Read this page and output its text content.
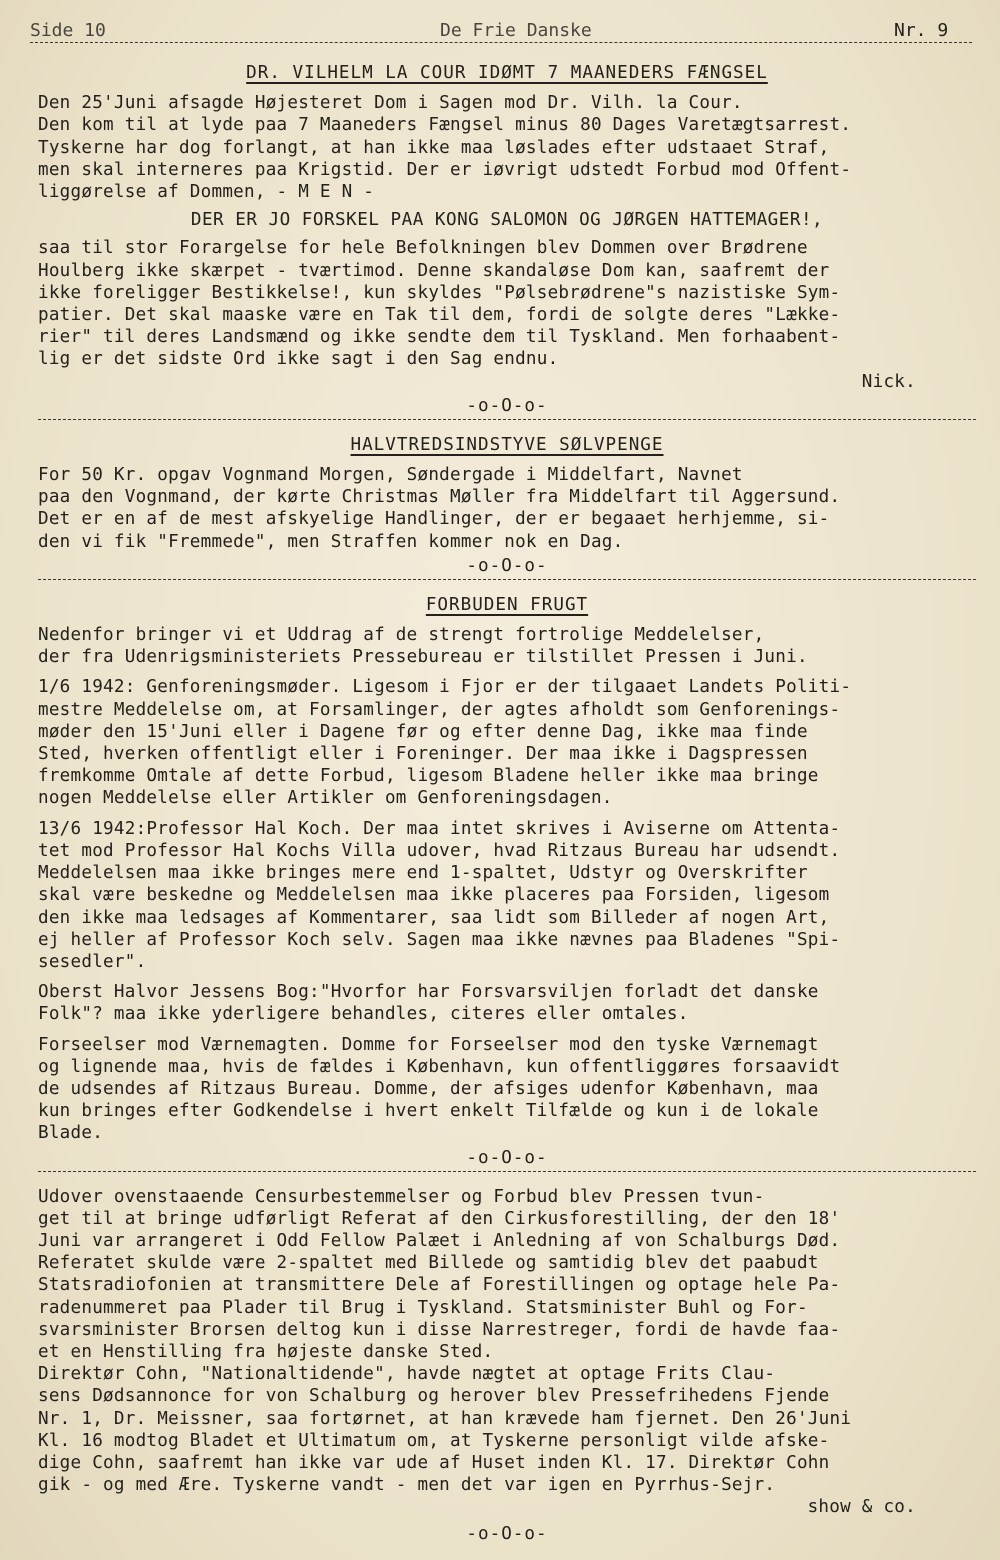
Side 10	De Frie Danske	Nr. 9
DR. VILHELM LA COUR IDØMT 7 MAANEDERS FÆNGSEL

Den 25'Juni afsagde Højesteret Dom i Sagen mod Dr. Vilh. la Cour.
Den kom til at lyde paa 7 Maaneders Fængsel minus 80 Dages Varetægtsarrest.
Tyskerne har dog forlangt, at han ikke maa løslades efter udstaaet Straf,
men skal interneres paa Krigstid. Der er iøvrigt udstedt Forbud mod Offent-
liggørelse af Dommen, - M E N -

DER ER JO FORSKEL PAA KONG SALOMON OG JØRGEN HATTEMAGER!,

saa til stor Forargelse for hele Befolkningen blev Dommen over Brødrene
Houlberg ikke skærpet - tværtimod. Denne skandaløse Dom kan, saafremt der
ikke foreligger Bestikkelse!, kun skyldes "Pølsebrødrene"s nazistiske Sym-
patier. Det skal maaske være en Tak til dem, fordi de solgte deres "Lække-
rier" til deres Landsmænd og ikke sendte dem til Tyskland. Men forhaabent-
lig er det sidste Ord ikke sagt i den Sag endnu.

Nick.
-o-O-o-
HALVTREDSINDSTYVE SØLVPENGE

For 50 Kr. opgav Vognmand Morgen, Søndergade i Middelfart, Navnet
paa den Vognmand, der kørte Christmas Møller fra Middelfart til Aggersund.
Det er en af de mest afskyelige Handlinger, der er begaaet herhjemme, si-
den vi fik "Fremmede", men Straffen kommer nok en Dag.

-o-O-o-
FORBUDEN FRUGT

Nedenfor bringer vi et Uddrag af de strengt fortrolige Meddelelser,
der fra Udenrigsministeriets Pressebureau er tilstillet Pressen i Juni.

1/6 1942: Genforeningsmøder. Ligesom i Fjor er der tilgaaet Landets Politi-
mestre Meddelelse om, at Forsamlinger, der agtes afholdt som Genforenings-
møder den 15'Juni eller i Dagene før og efter denne Dag, ikke maa finde
Sted, hverken offentligt eller i Foreninger. Der maa ikke i Dagspressen
fremkomme Omtale af dette Forbud, ligesom Bladene heller ikke maa bringe
nogen Meddelelse eller Artikler om Genforeningsdagen.

13/6 1942:Professor Hal Koch. Der maa intet skrives i Aviserne om Attenta-
tet mod Professor Hal Kochs Villa udover, hvad Ritzaus Bureau har udsendt.
Meddelelsen maa ikke bringes mere end 1-spaltet, Udstyr og Overskrifter
skal være beskedne og Meddelelsen maa ikke placeres paa Forsiden, ligesom
den ikke maa ledsages af Kommentarer, saa lidt som Billeder af nogen Art,
ej heller af Professor Koch selv. Sagen maa ikke nævnes paa Bladenes "Spi-
sesedler".

Oberst Halvor Jessens Bog:"Hvorfor har Forsvarsviljen forladt det danske
Folk"? maa ikke yderligere behandles, citeres eller omtales.

Forseelser mod Værnemagten. Domme for Forseelser mod den tyske Værnemagt
og lignende maa, hvis de fældes i København, kun offentliggøres forsaavidt
de udsendes af Ritzaus Bureau. Domme, der afsiges udenfor København, maa
kun bringes efter Godkendelse i hvert enkelt Tilfælde og kun i de lokale
Blade.

-o-O-o-

Udover ovenstaaende Censurbestemmelser og Forbud blev Pressen tvun-
get til at bringe udførligt Referat af den Cirkusforestilling, der den 18'
Juni var arrangeret i Odd Fellow Palæet i Anledning af von Schalburgs Død.
Referatet skulde være 2-spaltet med Billede og samtidig blev det paabudt
Statsradiofonien at transmittere Dele af Forestillingen og optage hele Pa-
radenummeret paa Plader til Brug i Tyskland. Statsminister Buhl og For-
svarsminister Brorsen deltog kun i disse Narrestreger, fordi de havde faa-
et en Henstilling fra højeste danske Sted.

Direktør Cohn, "Nationaltidende", havde nægtet at optage Frits Clau-
sens Dødsannonce for von Schalburg og herover blev Pressefrihedens Fjende
Nr. 1, Dr. Meissner, saa fortørnet, at han krævede ham fjernet. Den 26'Juni
Kl. 16 modtog Bladet et Ultimatum om, at Tyskerne personligt vilde afske-
dige Cohn, saafremt han ikke var ude af Huset inden Kl. 17. Direktør Cohn
gik - og med Ære. Tyskerne vandt - men det var igen en Pyrrhus-Sejr.

show & co.
-o-O-o-
